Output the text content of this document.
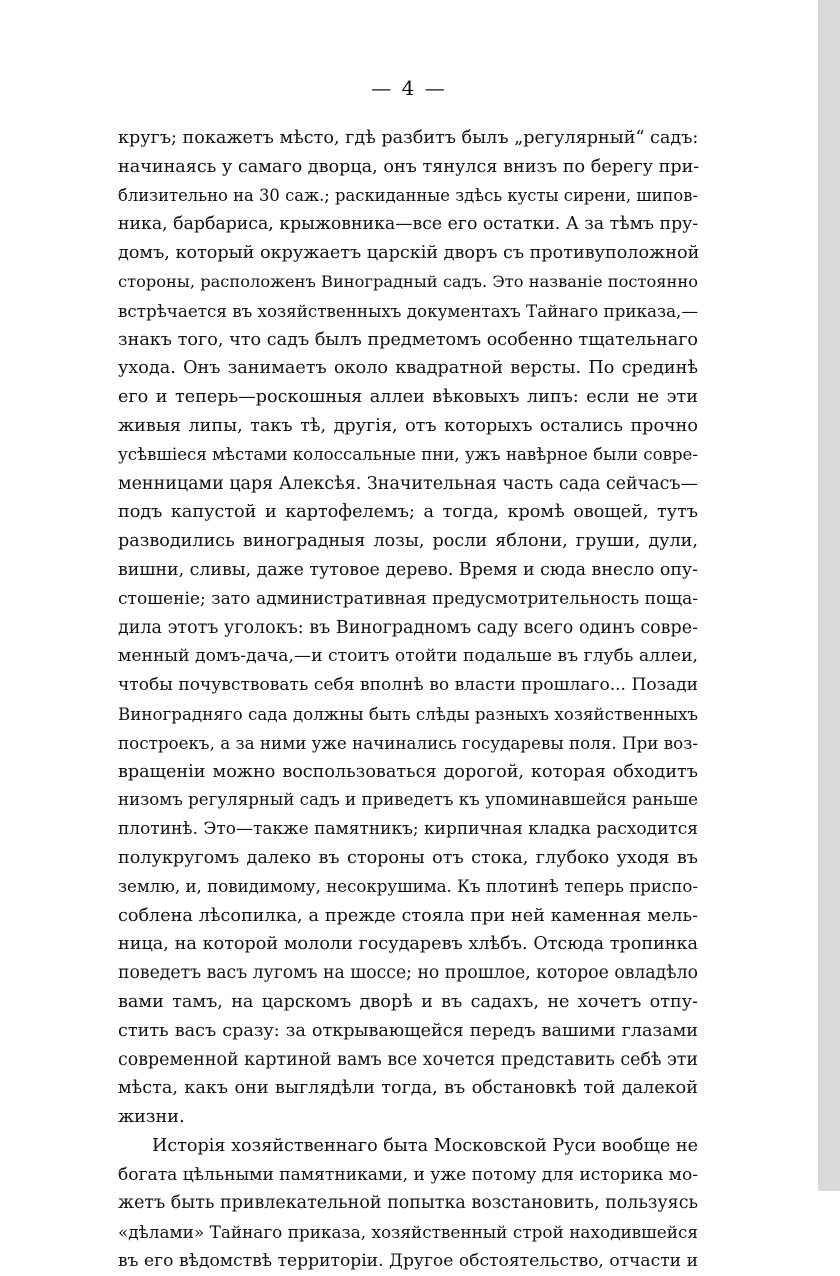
— 4 —
кругъ; покажетъ мѣсто, гдѣ разбитъ былъ „регулярный“ садъ:
начинаясь у самаго дворца, онъ тянулся внизъ по берегу при-
близительно на 30 саж.; раскиданные здѣсь кусты сирени, шипов-
ника, барбариса, крыжовника—все его остатки. А за тѣмъ пру-
домъ, который окружаетъ царскій дворъ съ противуположной
стороны, расположенъ Виноградный садъ. Это названіе постоянно
встрѣчается въ хозяйственныхъ документахъ Тайнаго приказа,—
знакъ того, что садъ былъ предметомъ особенно тщательнаго
ухода. Онъ занимаетъ около квадратной версты. По срединѣ
его и теперь—роскошныя аллеи вѣковыхъ липъ: если не эти
живыя липы, такъ тѣ, другія, отъ которыхъ остались прочно
усѣвшіеся мѣстами колоссальные пни, ужъ навѣрное были совре-
менницами царя Алексѣя. Значительная часть сада сейчасъ—
подъ капустой и картофелемъ; а тогда, кромѣ овощей, тутъ
разводились виноградныя лозы, росли яблони, груши, дули,
вишни, сливы, даже тутовое дерево. Время и сюда внесло опу-
стошеніе; зато административная предусмотрительность поща-
дила этотъ уголокъ: въ Виноградномъ саду всего одинъ совре-
менный домъ-дача,—и стоитъ отойти подальше въ глубь аллеи,
чтобы почувствовать себя вполнѣ во власти прошлаго... Позади
Виноградняго сада должны быть слѣды разныхъ хозяйственныхъ
построекъ, а за ними уже начинались государевы поля. При воз-
вращеніи можно воспользоваться дорогой, которая обходитъ
низомъ регулярный садъ и приведетъ къ упоминавшейся раньше
плотинѣ. Это—также памятникъ; кирпичная кладка расходится
полукругомъ далеко въ стороны отъ стока, глубоко уходя въ
землю, и, повидимому, несокрушима. Къ плотинѣ теперь приспо-
соблена лѣсопилка, а прежде стояла при ней каменная мель-
ница, на которой мололи государевъ хлѣбъ. Отсюда тропинка
поведетъ васъ лугомъ на шоссе; но прошлое, которое овладѣло
вами тамъ, на царскомъ дворѣ и въ садахъ, не хочетъ отпу-
стить васъ сразу: за открывающейся передъ вашими глазами
современной картиной вамъ все хочется представить себѣ эти
мѣста, какъ они выглядѣли тогда, въ обстановкѣ той далекой
жизни.
Исторія хозяйственнаго быта Московской Руси вообще не
богата цѣльными памятниками, и уже потому для историка мо-
жетъ быть привлекательной попытка возстановить, пользуясь
«дѣлами» Тайнаго приказа, хозяйственный строй находившейся
въ его вѣдомствѣ территоріи. Другое обстоятельство, отчасти и
